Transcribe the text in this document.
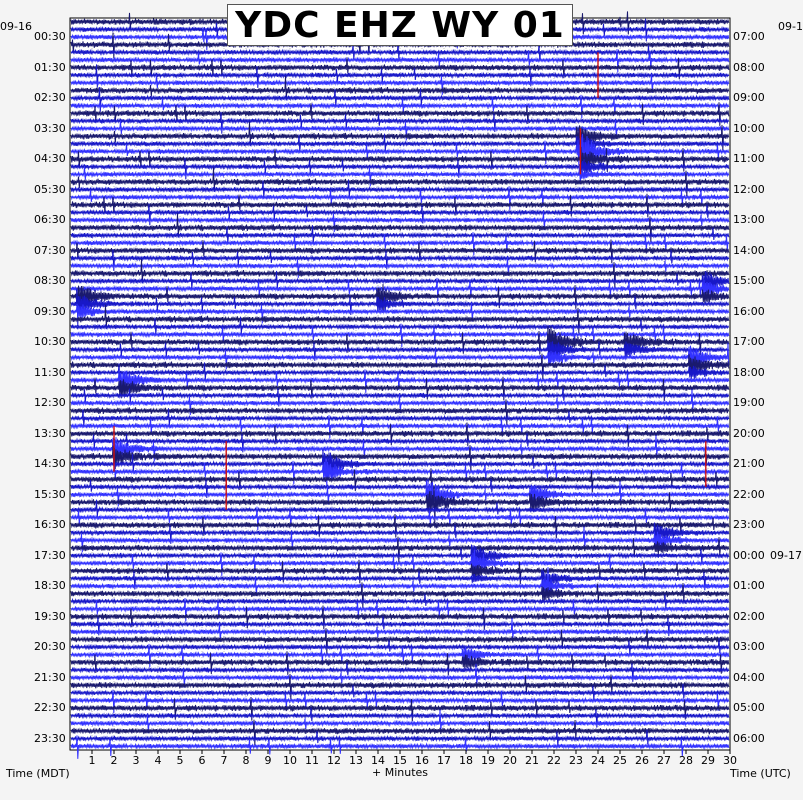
YDC EHZ WY 01
09-16	09-1
Time (MDT)	Time (UTC)
+ Minutes
00:30
01:30
02:30
03:30
04:30
05:30
06:30
07:30
08:30
09:30
10:30
11:30
12:30
13:30
14:30
15:30
16:30
17:30
18:30
19:30
20:30
21:30
22:30
23:30
07:00
08:00
09:00
10:00
11:00
12:00
13:00
14:00
15:00
16:00
17:00
18:00
19:00
20:00
21:00
22:00
23:00
00:00 09-17
01:00
02:00
03:00
04:00
05:00
06:00
1 2 3 4 5 6 7 8 9 10 11 12 13 14 15 16 17 18 19 20 21 22 23 24 25 26 27 28 29 30
